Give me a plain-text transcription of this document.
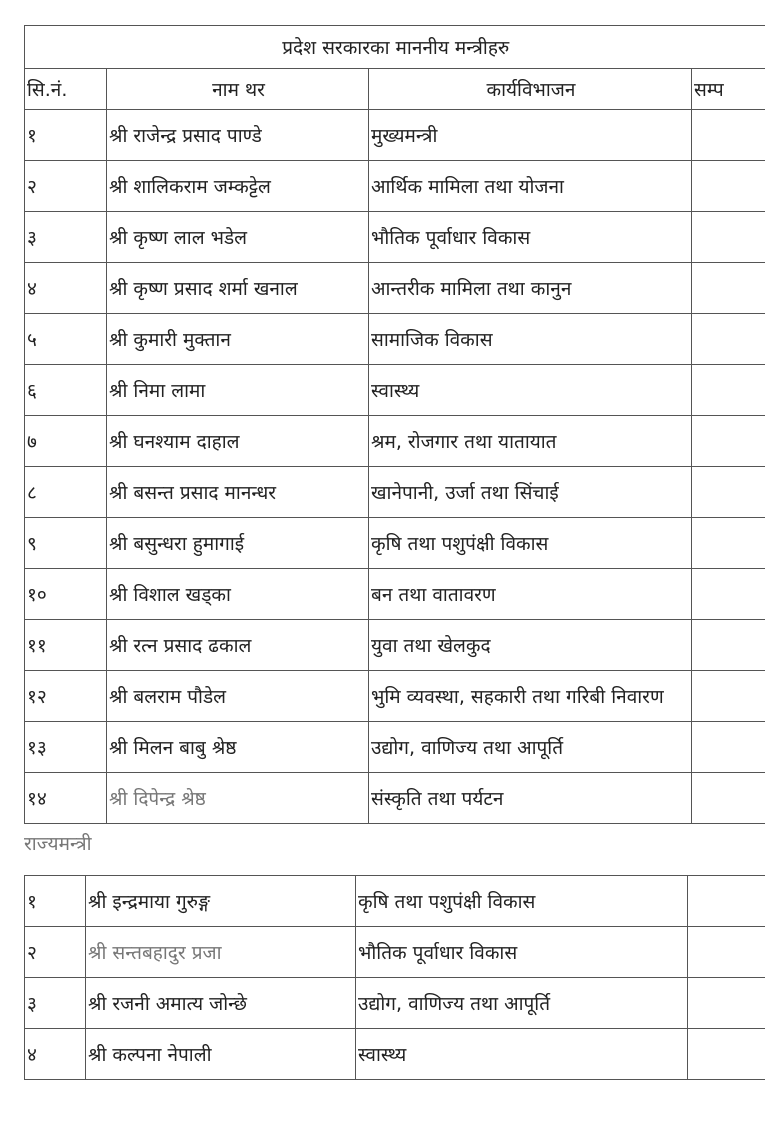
प्रदेश सरकारका माननीय मन्त्रीहरु			
सि.नं.	नाम थर	कार्यविभाजन	सम्प
१	श्री राजेन्द्र प्रसाद पाण्डे	मुख्यमन्त्री	
२	श्री शालिकराम जम्कट्टेल	आर्थिक मामिला तथा योजना	
३	श्री कृष्ण लाल भडेल	भौतिक पूर्वाधार विकास	
४	श्री कृष्ण प्रसाद शर्मा खनाल	आन्तरीक मामिला तथा कानुन	
५	श्री कुमारी मुक्तान	सामाजिक विकास	
६	श्री निमा लामा	स्वास्थ्य	
७	श्री घनश्याम दाहाल	श्रम, रोजगार तथा यातायात	
८	श्री बसन्त प्रसाद मानन्धर	खानेपानी, उर्जा तथा सिंचाई	
९	श्री बसुन्धरा हुमागाई	कृषि तथा पशुपंक्षी विकास	
१०	श्री विशाल खड्का	बन तथा वातावरण	
११	श्री रत्न प्रसाद ढकाल	युवा तथा खेलकुद	
१२	श्री बलराम पौडेल	भुमि व्यवस्था, सहकारी तथा गरिबी निवारण	
१३	श्री मिलन बाबु श्रेष्ठ	उद्योग, वाणिज्य तथा आपूर्ति	
१४	श्री दिपेन्द्र श्रेष्ठ	संस्कृति तथा पर्यटन	
राज्यमन्त्री
१	श्री इन्द्रमाया गुरुङ्ग	कृषि तथा पशुपंक्षी विकास	
२	श्री सन्तबहादुर प्रजा	भौतिक पूर्वाधार विकास	
३	श्री रजनी अमात्य जोन्छे	उद्योग, वाणिज्य तथा आपूर्ति	
४	श्री कल्पना नेपाली	स्वास्थ्य	
